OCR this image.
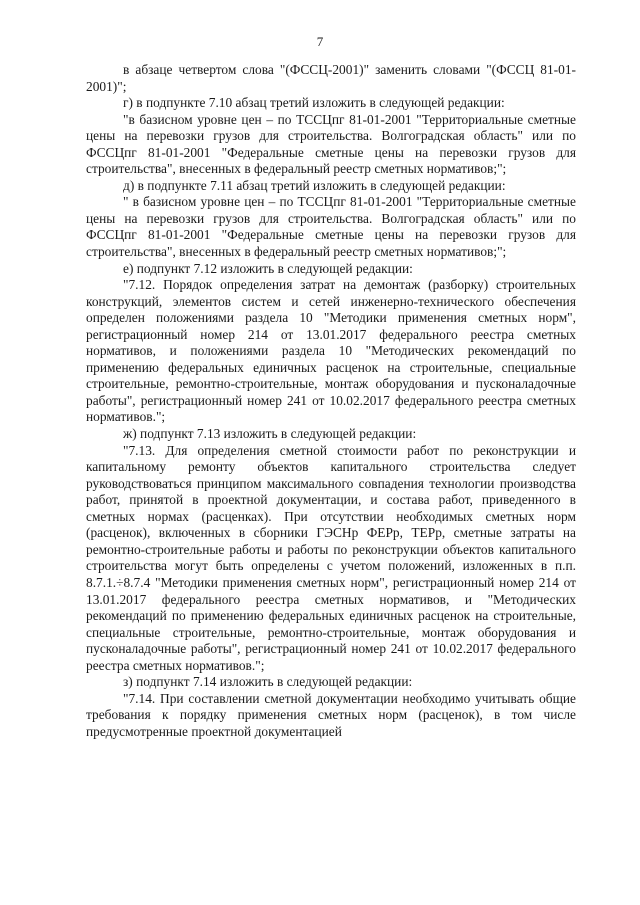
7

в абзаце четвертом слова "(ФССЦ-2001)" заменить словами "(ФССЦ 81-01-2001)";

г) в подпункте 7.10 абзац третий изложить в следующей редакции:

"в базисном уровне цен – по ТССЦпг 81-01-2001 "Территориальные сметные цены на перевозки грузов для строительства. Волгоградская область" или по ФССЦпг 81-01-2001 "Федеральные сметные цены на перевозки грузов для строительства", внесенных в федеральный реестр сметных нормативов;";

д) в подпункте 7.11 абзац третий изложить в следующей редакции:

" в базисном уровне цен – по ТССЦпг 81-01-2001 "Территориальные сметные цены на перевозки грузов для строительства. Волгоградская область" или по ФССЦпг 81-01-2001 "Федеральные сметные цены на перевозки грузов для строительства", внесенных в федеральный реестр сметных нормативов;";

е) подпункт 7.12 изложить в следующей редакции:

"7.12. Порядок определения затрат на демонтаж (разборку) строительных конструкций, элементов систем и сетей инженерно-технического обеспечения определен положениями раздела 10 "Методики применения сметных норм", регистрационный номер 214 от 13.01.2017 федерального реестра сметных нормативов, и положениями раздела 10 "Методических рекомендаций по применению федеральных единичных расценок на строительные, специальные строительные, ремонтно-строительные, монтаж оборудования и пусконаладочные работы", регистрационный номер 241 от 10.02.2017 федерального реестра сметных нормативов.";

ж) подпункт 7.13 изложить в следующей редакции:

"7.13. Для определения сметной стоимости работ по реконструкции и капитальному ремонту объектов капитального строительства следует руководствоваться принципом максимального совпадения технологии производства работ, принятой в проектной документации, и состава работ, приведенного в сметных нормах (расценках). При отсутствии необходимых сметных норм (расценок), включенных в сборники ГЭСНр ФЕРр, ТЕРр, сметные затраты на ремонтно-строительные работы и работы по реконструкции объектов капитального строительства могут быть определены с учетом положений, изложенных в п.п. 8.7.1.÷8.7.4 "Методики применения сметных норм", регистрационный номер 214 от 13.01.2017 федерального реестра сметных нормативов, и "Методических рекомендаций по применению федеральных единичных расценок на строительные, специальные строительные, ремонтно-строительные, монтаж оборудования и пусконаладочные работы", регистрационный номер 241 от 10.02.2017 федерального реестра сметных нормативов.";

з) подпункт 7.14 изложить в следующей редакции:

"7.14. При составлении сметной документации необходимо учитывать общие требования к порядку применения сметных норм (расценок), в том числе предусмотренные проектной документацией
